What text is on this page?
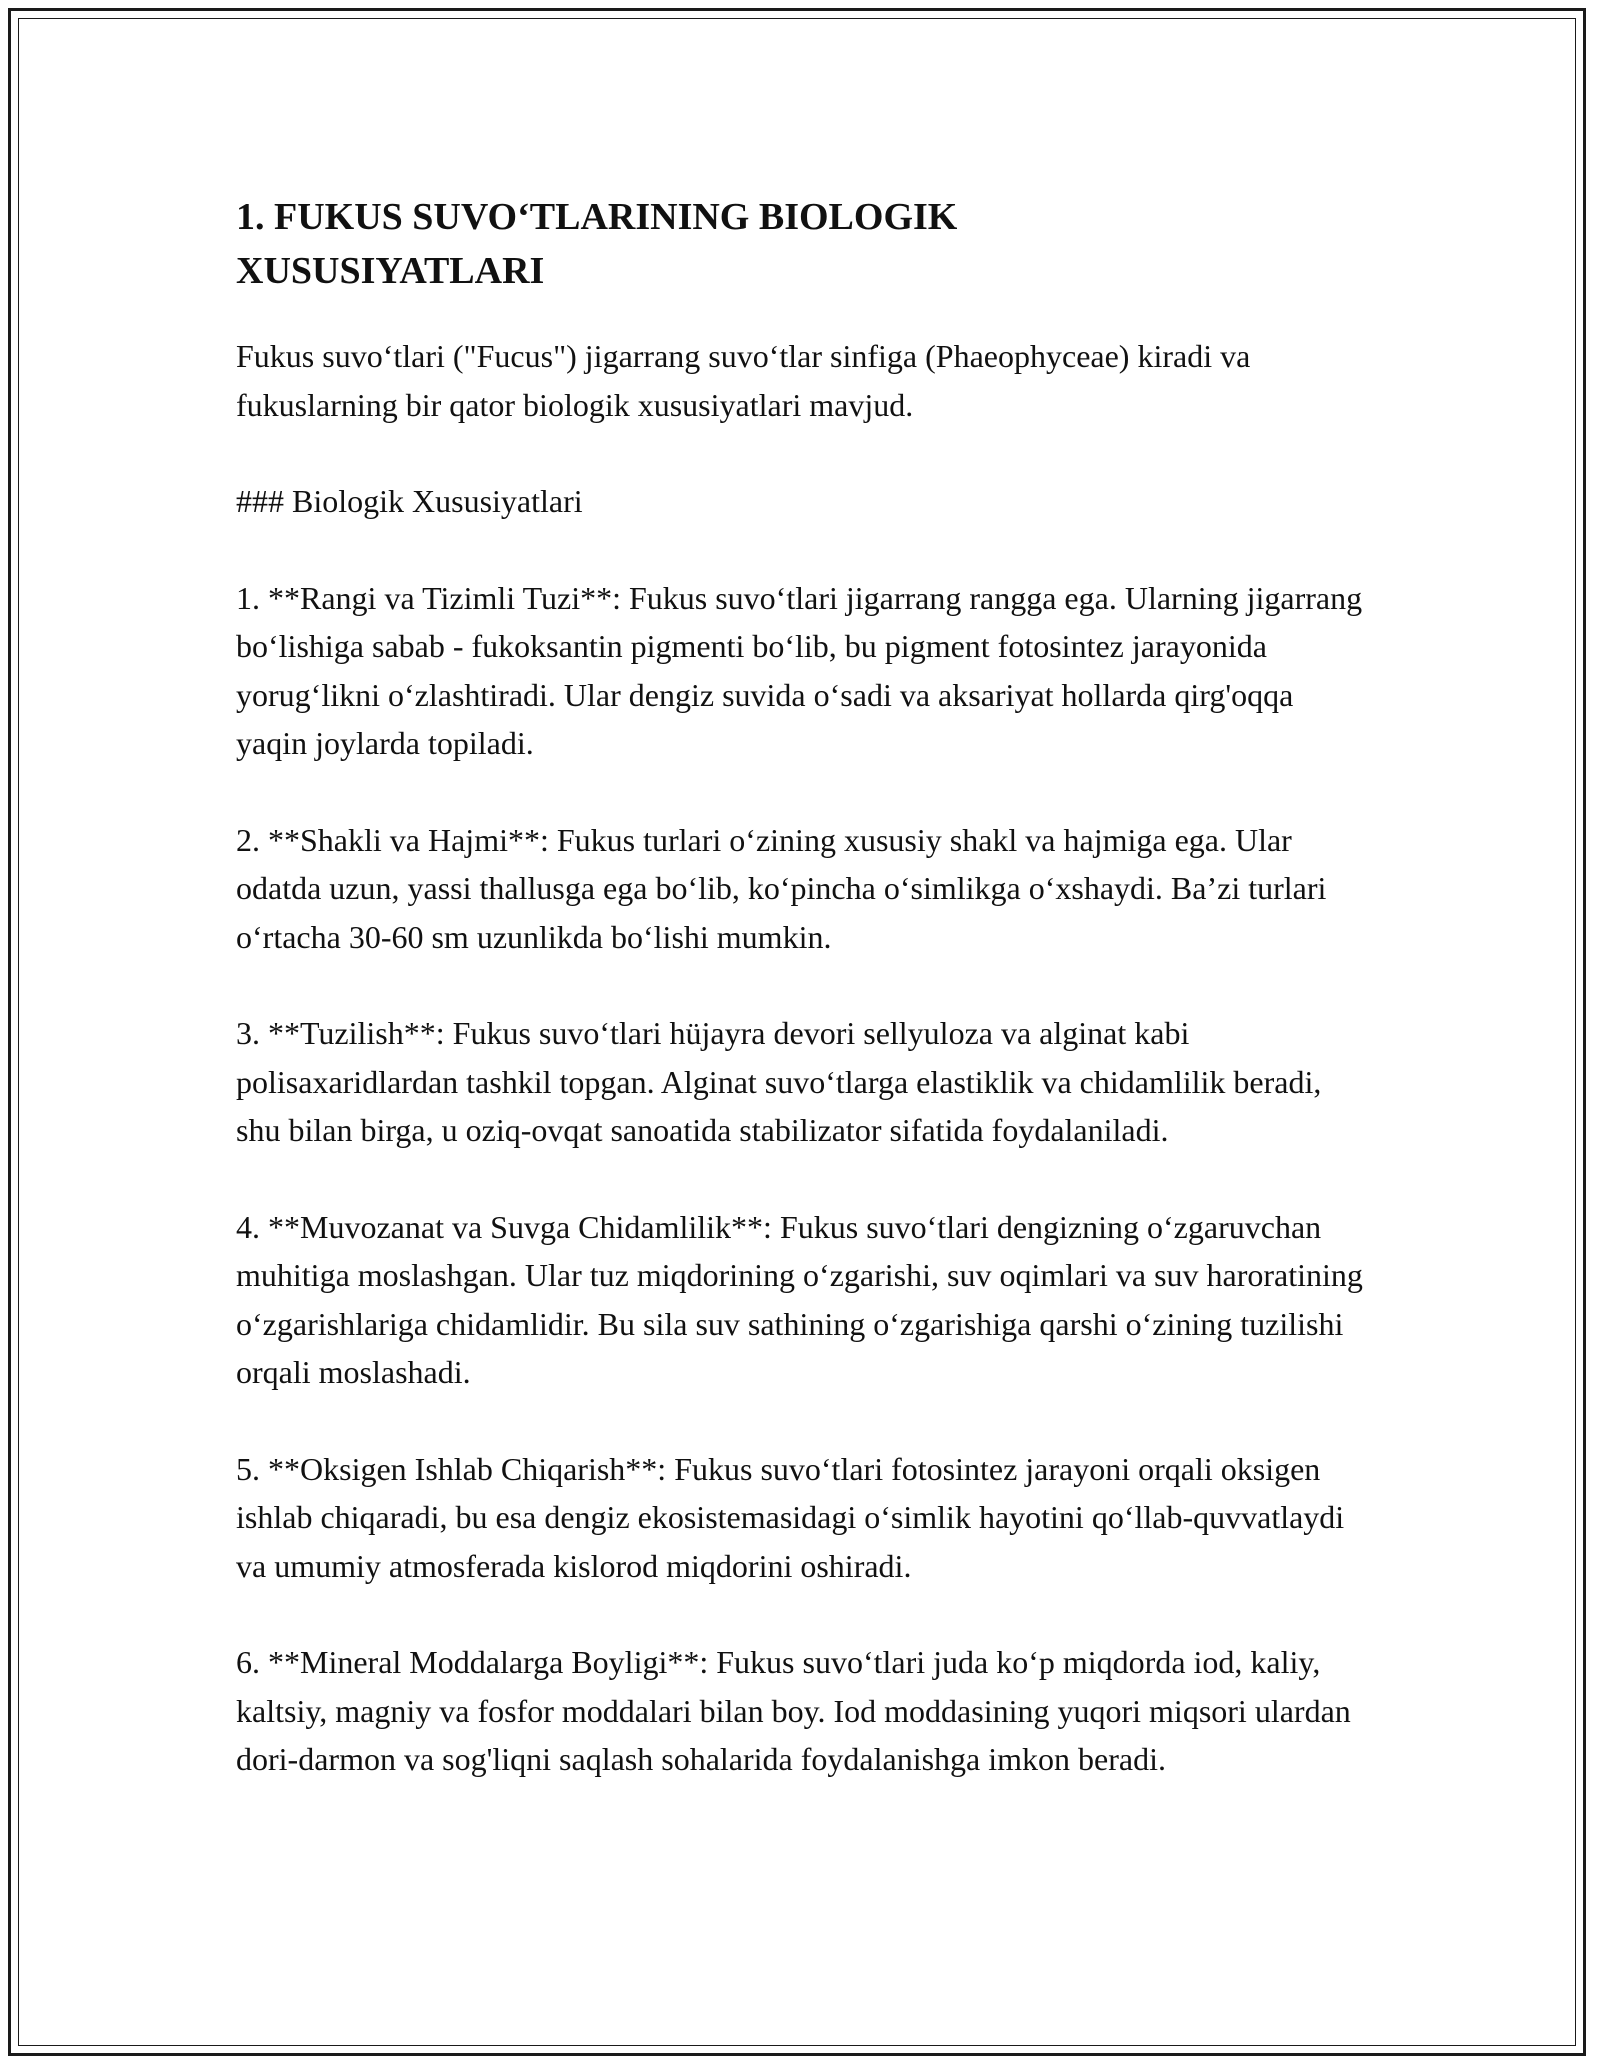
1. FUKUS SUVO‘TLARINING BIOLOGIK XUSUSIYATLARI

Fukus suvo‘tlari ("Fucus") jigarrang suvo‘tlar sinfiga (Phaeophyceae) kiradi va fukuslarning bir qator biologik xususiyatlari mavjud.

### Biologik Xususiyatlari

1. **Rangi va Tizimli Tuzi**: Fukus suvo‘tlari jigarrang rangga ega. Ularning jigarrang bo‘lishiga sabab - fukoksantin pigmenti bo‘lib, bu pigment fotosintez jarayonida yorug‘likni o‘zlashtiradi. Ular dengiz suvida o‘sadi va aksariyat hollarda qirg'oqqa yaqin joylarda topiladi.

2. **Shakli va Hajmi**: Fukus turlari o‘zining xususiy shakl va hajmiga ega. Ular odatda uzun, yassi thallusga ega bo‘lib, ko‘pincha o‘simlikga o‘xshaydi. Ba’zi turlari o‘rtacha 30-60 sm uzunlikda bo‘lishi mumkin.

3. **Tuzilish**: Fukus suvo‘tlari hüjayra devori sellyuloza va alginat kabi polisaxaridlardan tashkil topgan. Alginat suvo‘tlarga elastiklik va chidamlilik beradi, shu bilan birga, u oziq-ovqat sanoatida stabilizator sifatida foydalaniladi.

4. **Muvozanat va Suvga Chidamlilik**: Fukus suvo‘tlari dengizning o‘zgaruvchan muhitiga moslashgan. Ular tuz miqdorining o‘zgarishi, suv oqimlari va suv haroratining o‘zgarishlariga chidamlidir. Bu sila suv sathining o‘zgarishiga qarshi o‘zining tuzilishi orqali moslashadi.

5. **Oksigen Ishlab Chiqarish**: Fukus suvo‘tlari fotosintez jarayoni orqali oksigen ishlab chiqaradi, bu esa dengiz ekosistemasidagi o‘simlik hayotini qo‘llab-quvvatlaydi va umumiy atmosferada kislorod miqdorini oshiradi.

6. **Mineral Moddalarga Boyligi**: Fukus suvo‘tlari juda ko‘p miqdorda iod, kaliy, kaltsiy, magniy va fosfor moddalari bilan boy. Iod moddasining yuqori miqsori ulardan dori-darmon va sog'liqni saqlash sohalarida foydalanishga imkon beradi.
